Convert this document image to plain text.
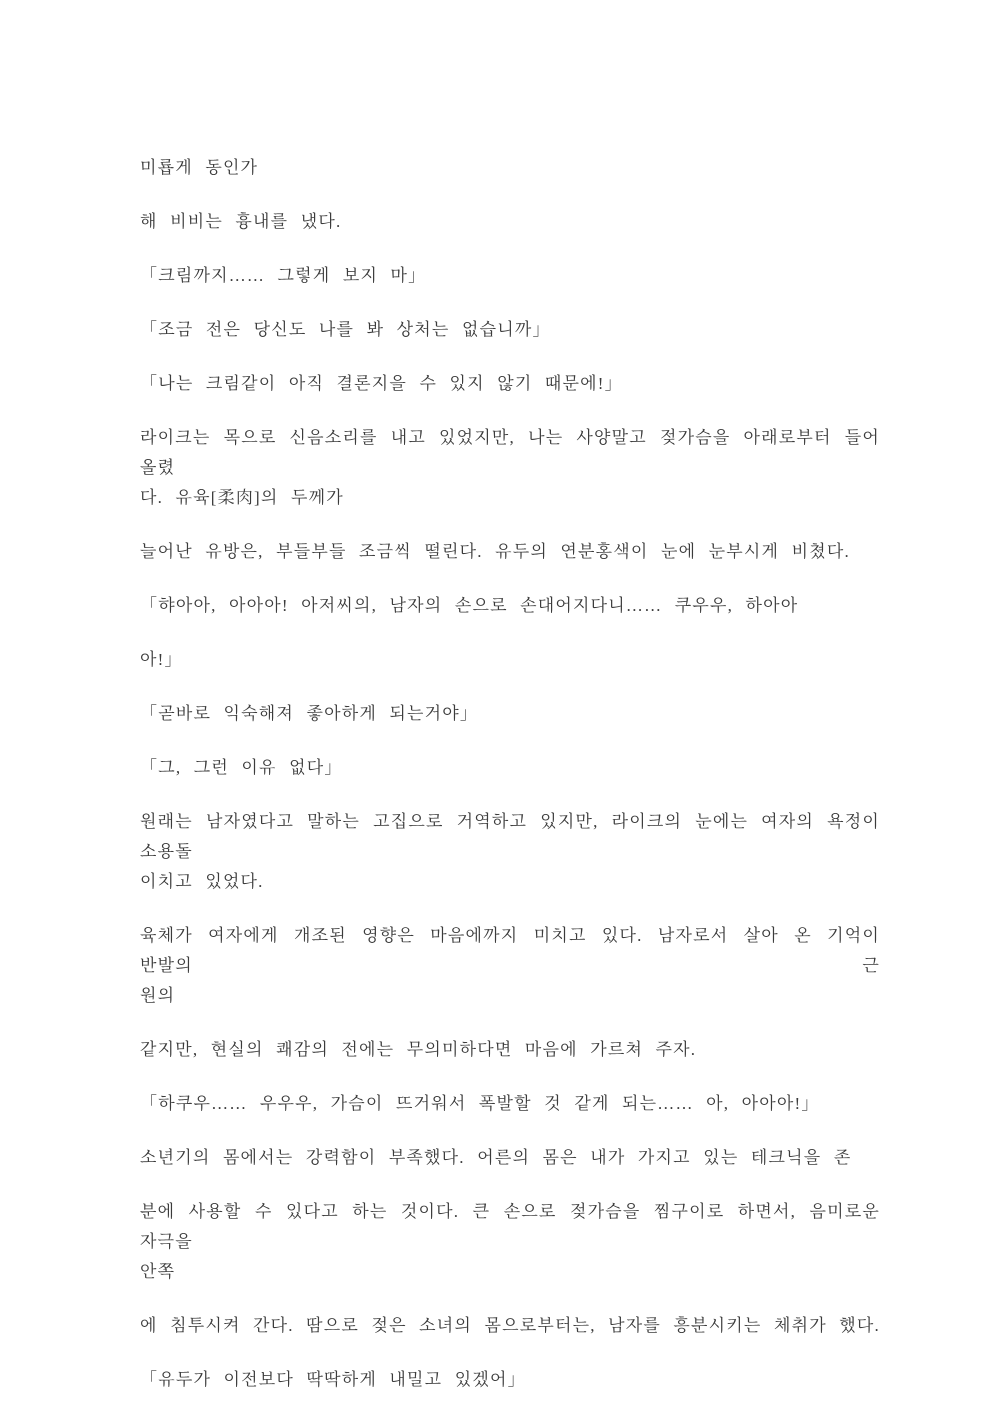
미룝게 동인가
해 비비는 흉내를 냈다.
「크림까지…… 그렇게 보지 마」
「조금 전은 당신도 나를 봐 상처는 없습니까」
「나는 크림같이 아직 결론지을 수 있지 않기 때문에!」
라이크는 목으로 신음소리를 내고 있었지만, 나는 사양말고 젖가슴을 아래로부터 들어 올렸
다. 유육[柔肉]의 두께가
늘어난 유방은, 부들부들 조금씩 떨린다. 유두의 연분홍색이 눈에 눈부시게 비쳤다.
「햐아아, 아아아! 아저씨의, 남자의 손으로 손대어지다니…… 쿠우우, 하아아
아!」
「곧바로 익숙해져 좋아하게 되는거야」
「그, 그런 이유 없다」
원래는 남자였다고 말하는 고집으로 거역하고 있지만, 라이크의 눈에는 여자의 욕정이 소용돌
이치고 있었다.
육체가 여자에게 개조된 영향은 마음에까지 미치고 있다. 남자로서 살아 온 기억이 반발의 근
원의
같지만, 현실의 쾌감의 전에는 무의미하다면 마음에 가르쳐 주자.
「하쿠우…… 우우우, 가슴이 뜨거워서 폭발할 것 같게 되는…… 아, 아아아!」
소년기의 몸에서는 강력함이 부족했다. 어른의 몸은 내가 가지고 있는 테크닉을 존
분에 사용할 수 있다고 하는 것이다. 큰 손으로 젖가슴을 찜구이로 하면서, 음미로운 자극을
안쪽
에 침투시켜 간다. 땀으로 젖은 소녀의 몸으로부터는, 남자를 흥분시키는 체취가 했다.
「유두가 이전보다 딱딱하게 내밀고 있겠어」
